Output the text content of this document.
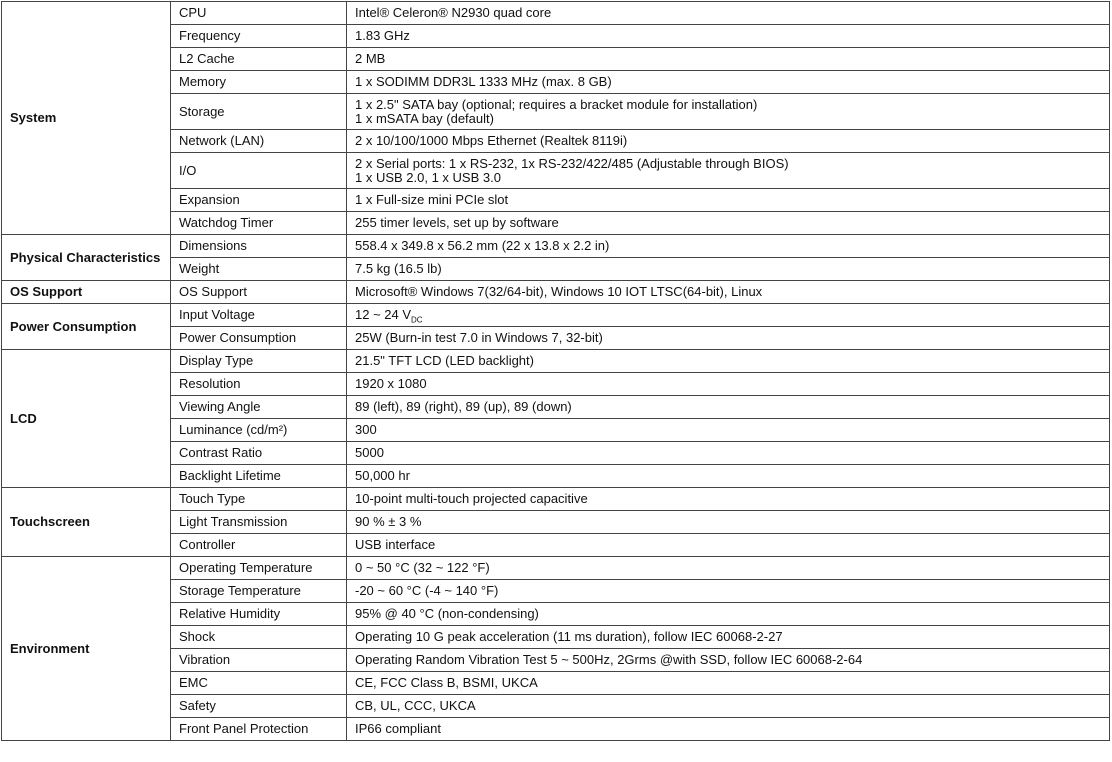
System	CPU	Intel® Celeron® N2930 quad core

	Frequency	1.83 GHz

	L2 Cache	2 MB

	Memory	1 x SODIMM DDR3L 1333 MHz (max. 8 GB)

	Storage	1 x 2.5" SATA bay (optional; requires a bracket module for installation)
1 x mSATA bay (default)

	Network (LAN)	2 x 10/100/1000 Mbps Ethernet (Realtek 8119i)

	I/O	2 x Serial ports: 1 x RS-232, 1x RS-232/422/485 (Adjustable through BIOS)
1 x USB 2.0, 1 x USB 3.0

	Expansion	1 x Full-size mini PCIe slot

	Watchdog Timer	255 timer levels, set up by software

Physical Characteristics	Dimensions	558.4 x 349.8 x 56.2 mm (22 x 13.8 x 2.2 in)

	Weight	7.5 kg (16.5 lb)

OS Support	OS Support	Microsoft® Windows 7(32/64-bit), Windows 10 IOT LTSC(64-bit), Linux

Power Consumption	Input Voltage	12 ~ 24 $V_{DC}$

	Power Consumption	25W (Burn-in test 7.0 in Windows 7, 32-bit)

LCD	Display Type	21.5" TFT LCD (LED backlight)

	Resolution	1920 x 1080

	Viewing Angle	89 (left), 89 (right), 89 (up), 89 (down)

	Luminance (cd/m²)	300

	Contrast Ratio	5000

	Backlight Lifetime	50,000 hr

Touchscreen	Touch Type	10-point multi-touch projected capacitive

	Light Transmission	90 % ± 3 %

	Controller	USB interface

Environment	Operating Temperature	0 ~ 50 °C (32 ~ 122 °F)

	Storage Temperature	-20 ~ 60 °C (-4 ~ 140 °F)

	Relative Humidity	95% @ 40 °C (non-condensing)

	Shock	Operating 10 G peak acceleration (11 ms duration), follow IEC 60068-2-27

	Vibration	Operating Random Vibration Test 5 ~ 500Hz, 2Grms @with SSD, follow IEC 60068-2-64

	EMC	CE, FCC Class B, BSMI, UKCA

	Safety	CB, UL, CCC, UKCA

	Front Panel Protection	IP66 compliant
